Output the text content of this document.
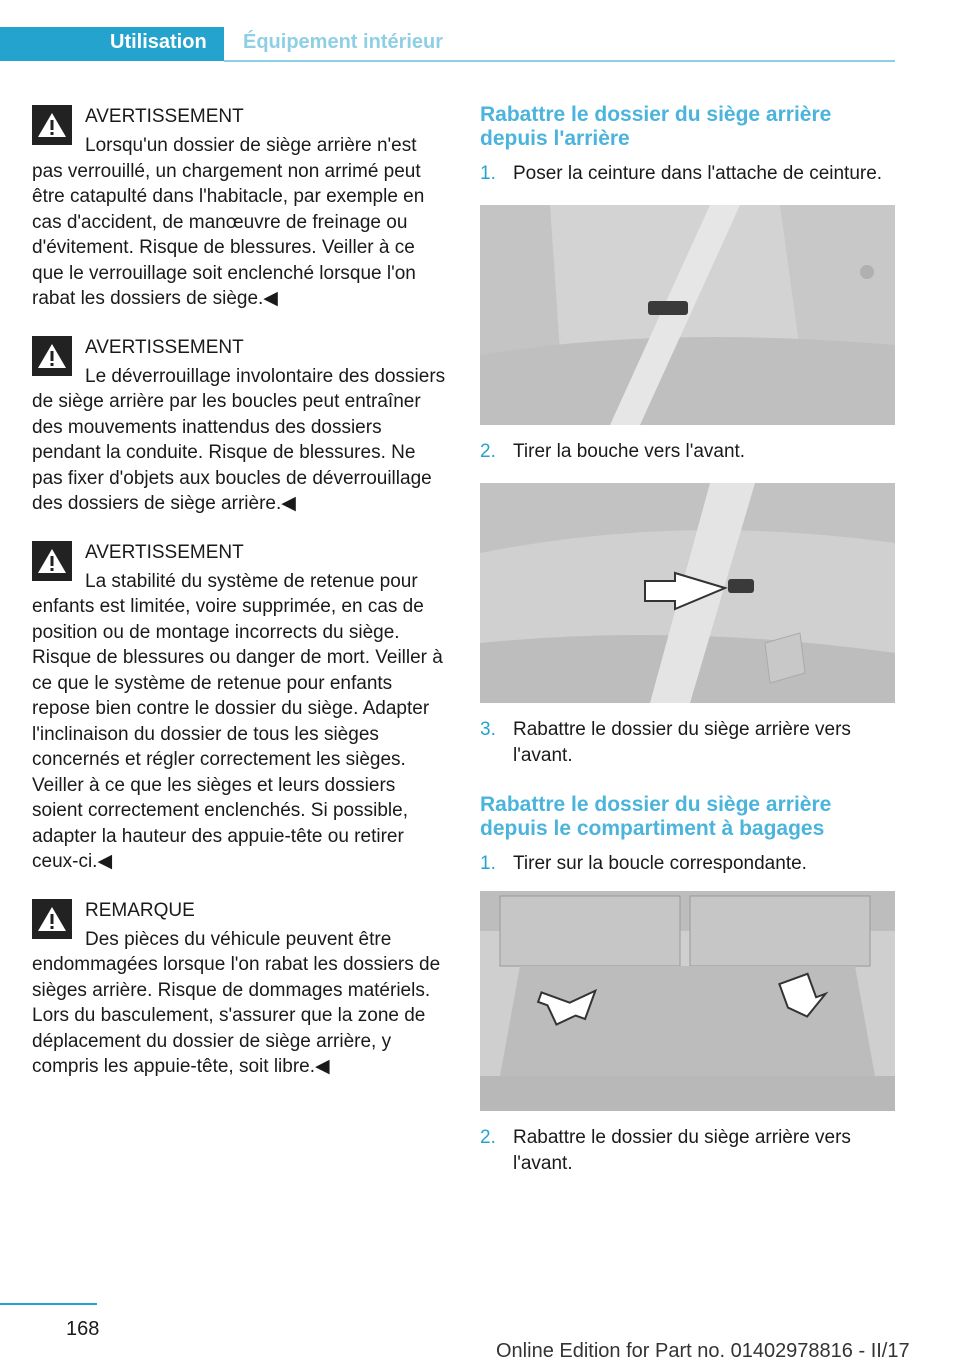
Utilisation Équipement intérieur
AVERTISSEMENT
Lorsqu'un dossier de siège arrière n'est pas verrouillé, un chargement non arrimé peut être catapulté dans l'habitacle, par exemple en cas d'accident, de manœuvre de freinage ou d'évitement. Risque de blessures. Veiller à ce que le verrouillage soit enclenché lorsque l'on rabat les dossiers de siège.◀
AVERTISSEMENT
Le déverrouillage involontaire des dossiers de siège arrière par les boucles peut entraîner des mouvements inattendus des dossiers pendant la conduite. Risque de blessures. Ne pas fixer d'objets aux boucles de déverrouillage des dossiers de siège arrière.◀
AVERTISSEMENT
La stabilité du système de retenue pour enfants est limitée, voire supprimée, en cas de position ou de montage incorrects du siège. Risque de blessures ou danger de mort. Veiller à ce que le système de retenue pour enfants repose bien contre le dossier du siège. Adapter l'inclinaison du dossier de tous les sièges concernés et régler correctement les sièges. Veiller à ce que les sièges et leurs dossiers soient correctement enclenchés. Si possible, adapter la hauteur des appuie-tête ou retirer ceux-ci.◀
REMARQUE
Des pièces du véhicule peuvent être endommagées lorsque l'on rabat les dossiers de sièges arrière. Risque de dommages matériels. Lors du basculement, s'assurer que la zone de déplacement du dossier de siège arrière, y compris les appuie-tête, soit libre.◀
Rabattre le dossier du siège arrière depuis l'arrière
1. Poser la ceinture dans l'attache de ceinture.
2. Tirer la bouche vers l'avant.
3. Rabattre le dossier du siège arrière vers l'avant.
Rabattre le dossier du siège arrière depuis le compartiment à bagages
1. Tirer sur la boucle correspondante.
2. Rabattre le dossier du siège arrière vers l'avant.
168
Online Edition for Part no. 01402978816 - II/17
